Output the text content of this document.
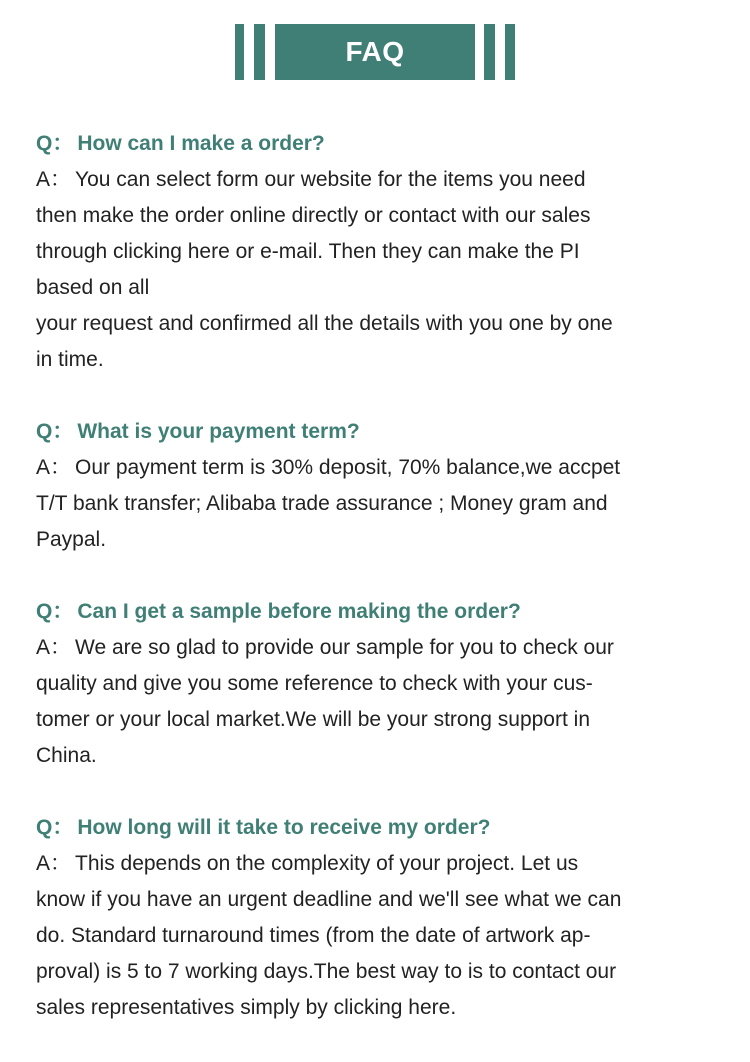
FAQ
Q： How can I make a order?
A： You can select form our website for the items you need
then make the order online directly or contact with our sales
through clicking here or e-mail. Then they can make the PI
based on all
your request and confirmed all the details with you one by one
in time.
Q： What is your payment term?
A： Our payment term is 30% deposit, 70% balance,we accpet
T/T bank transfer; Alibaba trade assurance ; Money gram and
Paypal.
Q： Can I get a sample before making the order?
A： We are so glad to provide our sample for you to check our
quality and give you some reference to check with your cus-
tomer or your local market.We will be your strong support in
China.
Q： How long will it take to receive my order?
A： This depends on the complexity of your project. Let us
know if you have an urgent deadline and we'll see what we can
do. Standard turnaround times (from the date of artwork ap-
proval) is 5 to 7 working days.The best way to is to contact our
sales representatives simply by clicking here.
